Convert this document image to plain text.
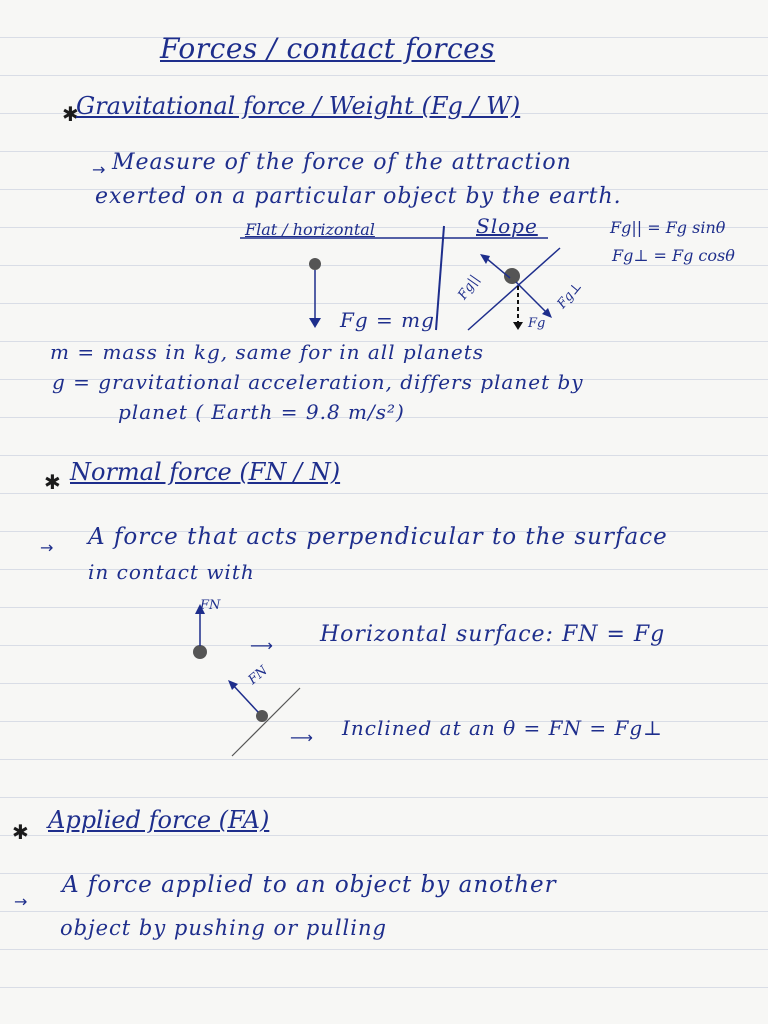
Forces / contact forces
✱
Gravitational force / Weight (Fg / W)
→ Measure of the force of the attraction
exerted on a particular object by the earth.
Flat / horizontal	Slope	Fg|| = Fg sinθ
Fg⊥ = Fg cosθ
Fg||	Fg⊥
Fg
Fg = mg
m = mass in kg, same for in all planets
g = gravitational acceleration, differs planet by
planet ( Earth = 9.8 m/s²)
✱ Normal force (FN / N)
→ A force that acts perpendicular to the surface
in contact with
FN
⟶ Horizontal surface: FN = Fg
FN
⟶ Inclined at an θ = FN = Fg⊥
✱ Applied force (FA)
→
A force applied to an object by another
object by pushing or pulling
